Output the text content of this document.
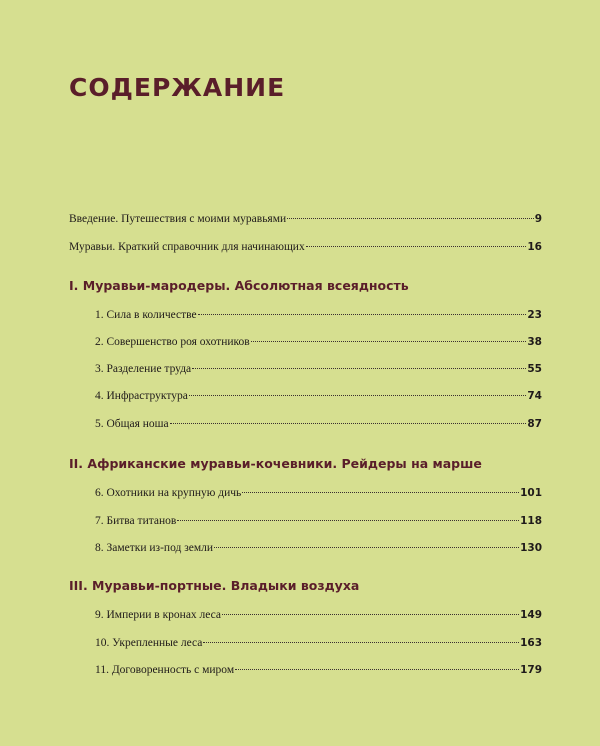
СОДЕРЖАНИЕ
Введение. Путешествия с моими муравьями	9
Муравьи. Краткий справочник для начинающих	16
I. Муравьи-мародеры. Абсолютная всеядность
1. Сила в количестве	23
2. Совершенство роя охотников	38
3. Разделение труда	55
4. Инфраструктура	74
5. Общая ноша	87
II. Африканские муравьи-кочевники. Рейдеры на марше
6. Охотники на крупную дичь	101
7. Битва титанов	118
8. Заметки из-под земли	130
III. Муравьи-портные. Владыки воздуха
9. Империи в кронах леса	149
10. Укрепленные леса	163
11. Договоренность с миром	179
